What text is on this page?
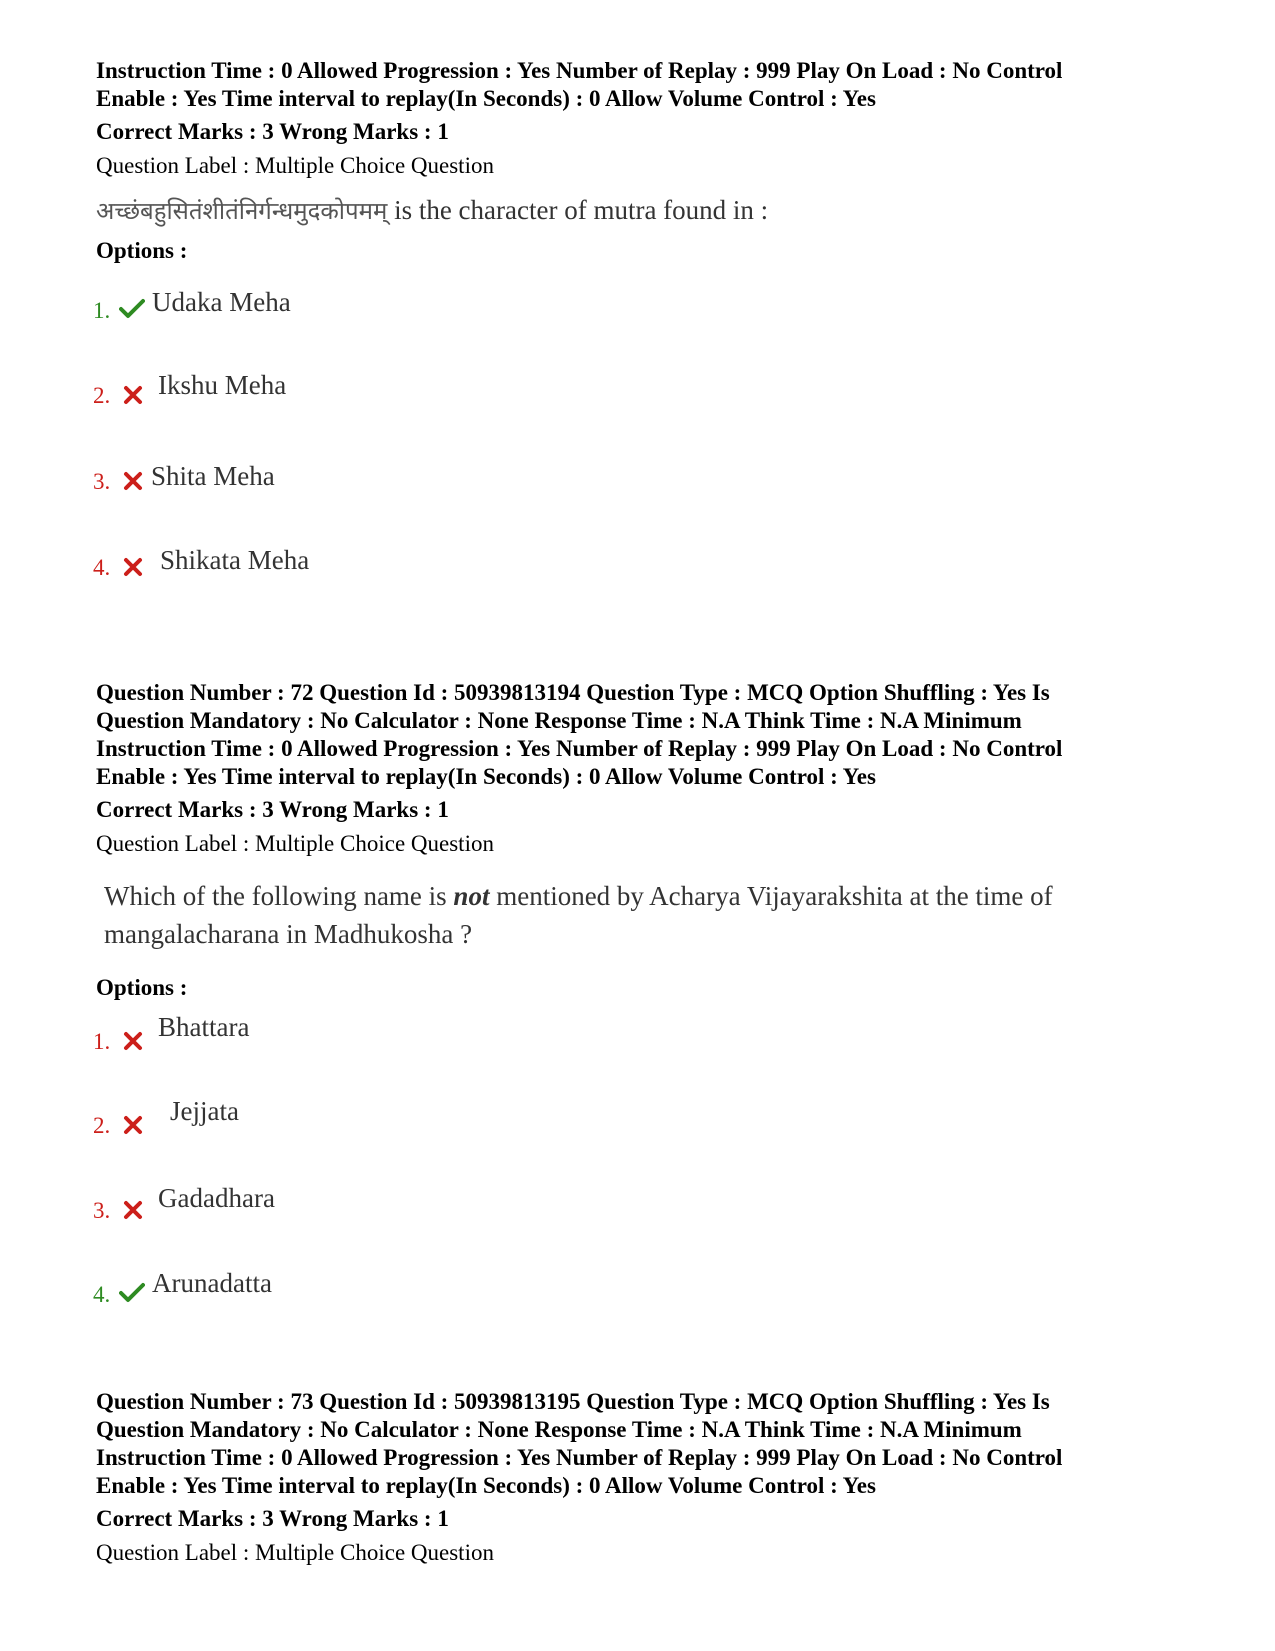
Instruction Time : 0 Allowed Progression : Yes Number of Replay : 999 Play On Load : No Control
Enable : Yes Time interval to replay(In Seconds) : 0 Allow Volume Control : Yes
Correct Marks : 3 Wrong Marks : 1
Question Label : Multiple Choice Question
अच्छंबहुसितंशीतंनिर्गन्धमुदकोपमम् is the character of mutra found in :
Options :
1. Udaka Meha
2. Ikshu Meha
3. Shita Meha
4. Shikata Meha
Question Number : 72 Question Id : 50939813194 Question Type : MCQ Option Shuffling : Yes Is
Question Mandatory : No Calculator : None Response Time : N.A Think Time : N.A Minimum
Instruction Time : 0 Allowed Progression : Yes Number of Replay : 999 Play On Load : No Control
Enable : Yes Time interval to replay(In Seconds) : 0 Allow Volume Control : Yes
Correct Marks : 3 Wrong Marks : 1
Question Label : Multiple Choice Question
Which of the following name is not mentioned by Acharya Vijayarakshita at the time of
mangalacharana in Madhukosha ?
Options :
1. Bhattara
2. Jejjata
3. Gadadhara
4. Arunadatta
Question Number : 73 Question Id : 50939813195 Question Type : MCQ Option Shuffling : Yes Is
Question Mandatory : No Calculator : None Response Time : N.A Think Time : N.A Minimum
Instruction Time : 0 Allowed Progression : Yes Number of Replay : 999 Play On Load : No Control
Enable : Yes Time interval to replay(In Seconds) : 0 Allow Volume Control : Yes
Correct Marks : 3 Wrong Marks : 1
Question Label : Multiple Choice Question
